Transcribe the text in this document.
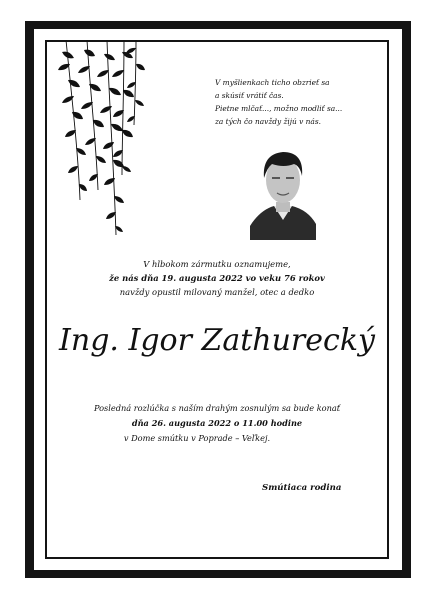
V myšlienkach ticho obzrieť sa
a skúsiť vrátiť čas.
Pietne mlčať..., možno modliť sa...
za tých čo navždy žijú v nás.
V hlbokom zármutku oznamujeme,
že nás dňa 19. augusta 2022 vo veku 76 rokov
navždy opustil milovaný manžel, otec a dedko
Ing. Igor Zathurecký
Posledná rozlúčka s naším drahým zosnulým sa bude konať
dňa 26. augusta 2022 o 11.00 hodine
v Dome smútku v Poprade – Veľkej.
Smútiaca rodina
